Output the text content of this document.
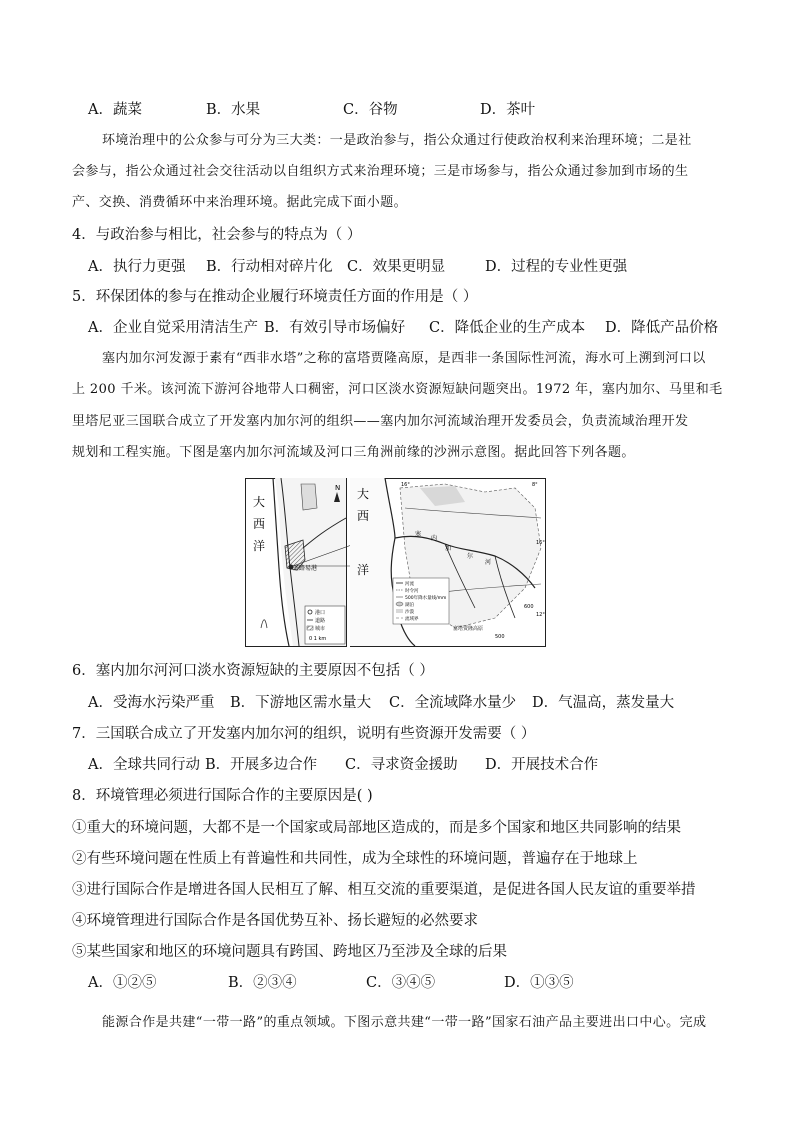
A．蔬菜	B．水果	C．谷物	D．茶叶
环境治理中的公众参与可分为三大类：一是政治参与，指公众通过行使政治权利来治理环境；二是社
会参与，指公众通过社会交往活动以自组织方式来治理环境；三是市场参与，指公众通过参加到市场的生
产、交换、消费循环中来治理环境。据此完成下面小题。
4．与政治参与相比，社会参与的特点为（ ）
A．执行力更强 B．行动相对碎片化 C．效果更明显	D．过程的专业性更强
5．环保团体的参与在推动企业履行环境责任方面的作用是（ ）
A．企业自觉采用清洁生产 B．有效引导市场偏好 C．降低企业的生产成本 D．降低产品价格
塞内加尔河发源于素有“西非水塔”之称的富塔贾隆高原，是西非一条国际性河流，海水可上溯到河口以
上 200 千米。该河流下游河谷地带人口稠密，河口区淡水资源短缺问题突出。1972 年，塞内加尔、马里和毛
里塔尼亚三国联合成立了开发塞内加尔河的组织——塞内加尔河流域治理开发委员会，负责流域治理开发
规划和工程实施。下图是塞内加尔河流域及河口三角洲前缘的沙洲示意图。据此回答下列各题。
大
西
洋
圣路易港
N
港口
道路
城市
0 1 km
大
西
洋
16°	8°
16°
12°
600
塞
内
加
尔
河
500
河流
时令河
500年降水量线/mm
湖泊
沙漠
流域界
富塔贾隆高原
6．塞内加尔河河口淡水资源短缺的主要原因不包括（ ）
A．受海水污染严重 B．下游地区需水量大 C．全流域降水量少 D．气温高，蒸发量大
7．三国联合成立了开发塞内加尔河的组织，说明有些资源开发需要（ ）
A．全球共同行动 B．开展多边合作 C．寻求资金援助 D．开展技术合作
8．环境管理必须进行国际合作的主要原因是( )
①重大的环境问题，大都不是一个国家或局部地区造成的，而是多个国家和地区共同影响的结果
②有些环境问题在性质上有普遍性和共同性，成为全球性的环境问题，普遍存在于地球上
③进行国际合作是增进各国人民相互了解、相互交流的重要渠道，是促进各国人民友谊的重要举措
④环境管理进行国际合作是各国优势互补、扬长避短的必然要求
⑤某些国家和地区的环境问题具有跨国、跨地区乃至涉及全球的后果
A．①②⑤	B．②③④	C．③④⑤	D．①③⑤
能源合作是共建“一带一路”的重点领域。下图示意共建“一带一路”国家石油产品主要进出口中心。完成
